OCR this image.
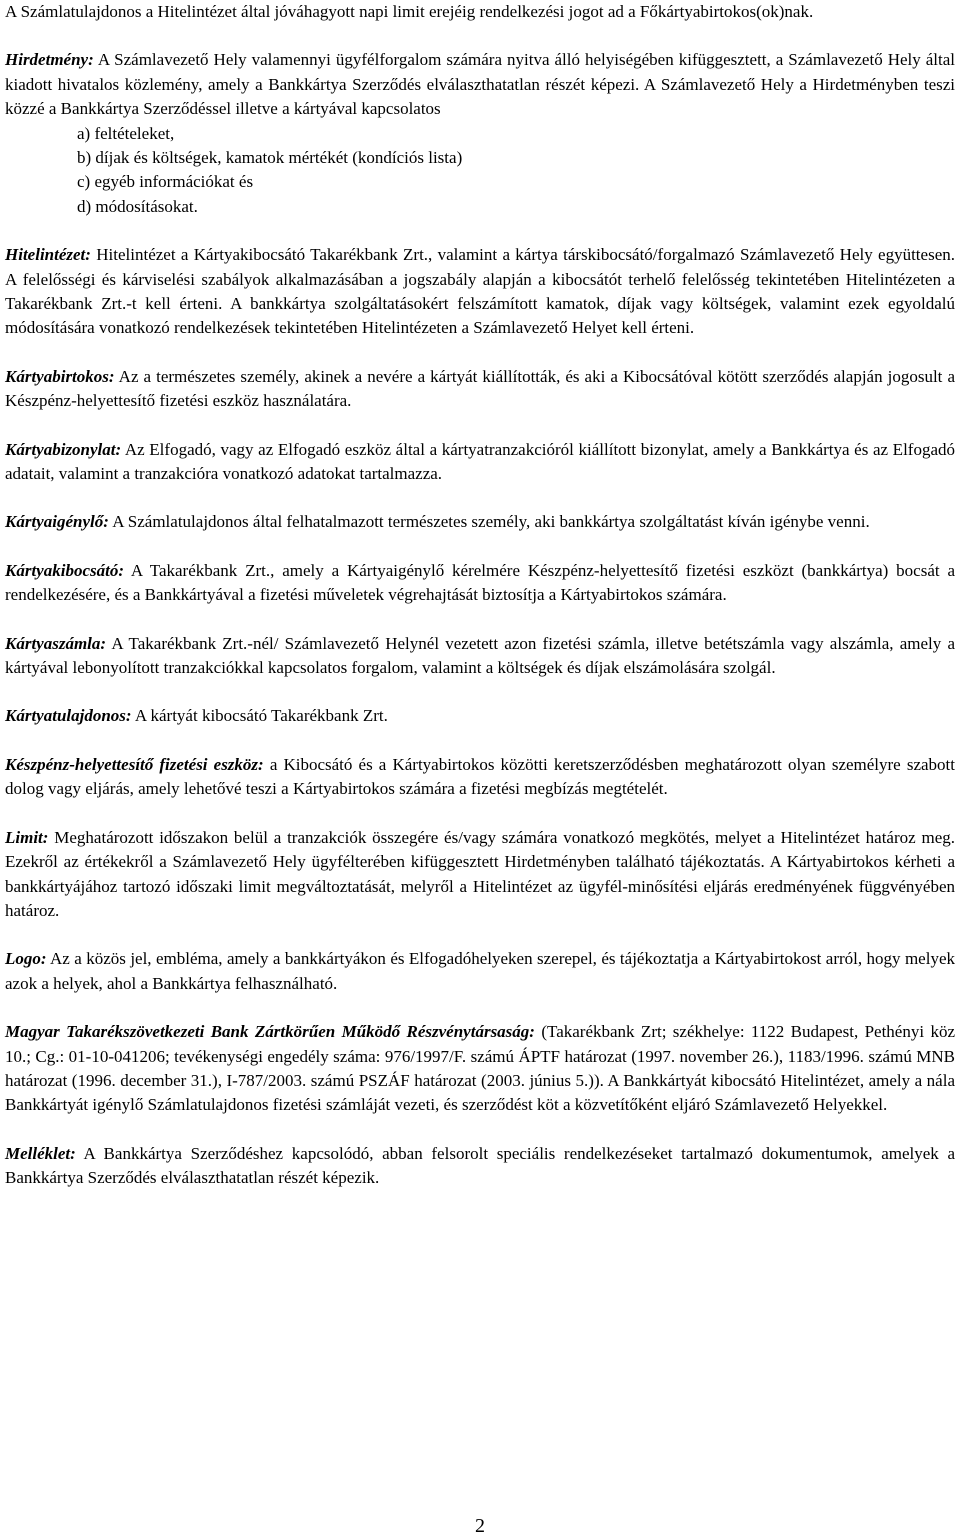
A Számlatulajdonos a Hitelintézet által jóváhagyott napi limit erejéig rendelkezési jogot ad a Főkártyabirtokos(ok)nak.

Hirdetmény: A Számlavezető Hely valamennyi ügyfélforgalom számára nyitva álló helyiségében kifüggesztett, a Számlavezető Hely által kiadott hivatalos közlemény, amely a Bankkártya Szerződés elválaszthatatlan részét képezi. A Számlavezető Hely a Hirdetményben teszi közzé a Bankkártya Szerződéssel illetve a kártyával kapcsolatos

a) feltételeket,
b) díjak és költségek, kamatok mértékét (kondíciós lista)
c) egyéb információkat és
d) módosításokat.

Hitelintézet: Hitelintézet a Kártyakibocsátó Takarékbank Zrt., valamint a kártya társkibocsátó/forgalmazó Számlavezető Hely együttesen. A felelősségi és kárviselési szabályok alkalmazásában a jogszabály alapján a kibocsátót terhelő felelősség tekintetében Hitelintézeten a Takarékbank Zrt.-t kell érteni. A bankkártya szolgáltatásokért felszámított kamatok, díjak vagy költségek, valamint ezek egyoldalú módosítására vonatkozó rendelkezések tekintetében Hitelintézeten a Számlavezető Helyet kell érteni.

Kártyabirtokos: Az a természetes személy, akinek a nevére a kártyát kiállították, és aki a Kibocsátóval kötött szerződés alapján jogosult a Készpénz-helyettesítő fizetési eszköz használatára.

Kártyabizonylat: Az Elfogadó, vagy az Elfogadó eszköz által a kártyatranzakcióról kiállított bizonylat, amely a Bankkártya és az Elfogadó adatait, valamint a tranzakcióra vonatkozó adatokat tartalmazza.

Kártyaigénylő: A Számlatulajdonos által felhatalmazott természetes személy, aki bankkártya szolgáltatást kíván igénybe venni.

Kártyakibocsátó: A Takarékbank Zrt., amely a Kártyaigénylő kérelmére Készpénz-helyettesítő fizetési eszközt (bankkártya) bocsát a rendelkezésére, és a Bankkártyával a fizetési műveletek végrehajtását biztosítja a Kártyabirtokos számára.

Kártyaszámla: A Takarékbank Zrt.-nél/ Számlavezető Helynél vezetett azon fizetési számla, illetve betétszámla vagy alszámla, amely a kártyával lebonyolított tranzakciókkal kapcsolatos forgalom, valamint a költségek és díjak elszámolására szolgál.

Kártyatulajdonos: A kártyát kibocsátó Takarékbank Zrt.

Készpénz-helyettesítő fizetési eszköz: a Kibocsátó és a Kártyabirtokos közötti keretszerződésben meghatározott olyan személyre szabott dolog vagy eljárás, amely lehetővé teszi a Kártyabirtokos számára a fizetési megbízás megtételét.

Limit: Meghatározott időszakon belül a tranzakciók összegére és/vagy számára vonatkozó megkötés, melyet a Hitelintézet határoz meg. Ezekről az értékekről a Számlavezető Hely ügyfélterében kifüggesztett Hirdetményben található tájékoztatás. A Kártyabirtokos kérheti a bankkártyájához tartozó időszaki limit megváltoztatását, melyről a Hitelintézet az ügyfél-minősítési eljárás eredményének függvényében határoz.

Logo: Az a közös jel, embléma, amely a bankkártyákon és Elfogadóhelyeken szerepel, és tájékoztatja a Kártyabirtokost arról, hogy melyek azok a helyek, ahol a Bankkártya felhasználható.

Magyar Takarékszövetkezeti Bank Zártkörűen Működő Részvénytársaság: (Takarékbank Zrt; székhelye: 1122 Budapest, Pethényi köz 10.; Cg.: 01-10-041206; tevékenységi engedély száma: 976/1997/F. számú ÁPTF határozat (1997. november 26.), 1183/1996. számú MNB határozat (1996. december 31.), I-787/2003. számú PSZÁF határozat (2003. június 5.)). A Bankkártyát kibocsátó Hitelintézet, amely a nála Bankkártyát igénylő Számlatulajdonos fizetési számláját vezeti, és szerződést köt a közvetítőként eljáró Számlavezető Helyekkel.

Melléklet: A Bankkártya Szerződéshez kapcsolódó, abban felsorolt speciális rendelkezéseket tartalmazó dokumentumok, amelyek a Bankkártya Szerződés elválaszthatatlan részét képezik.

2
